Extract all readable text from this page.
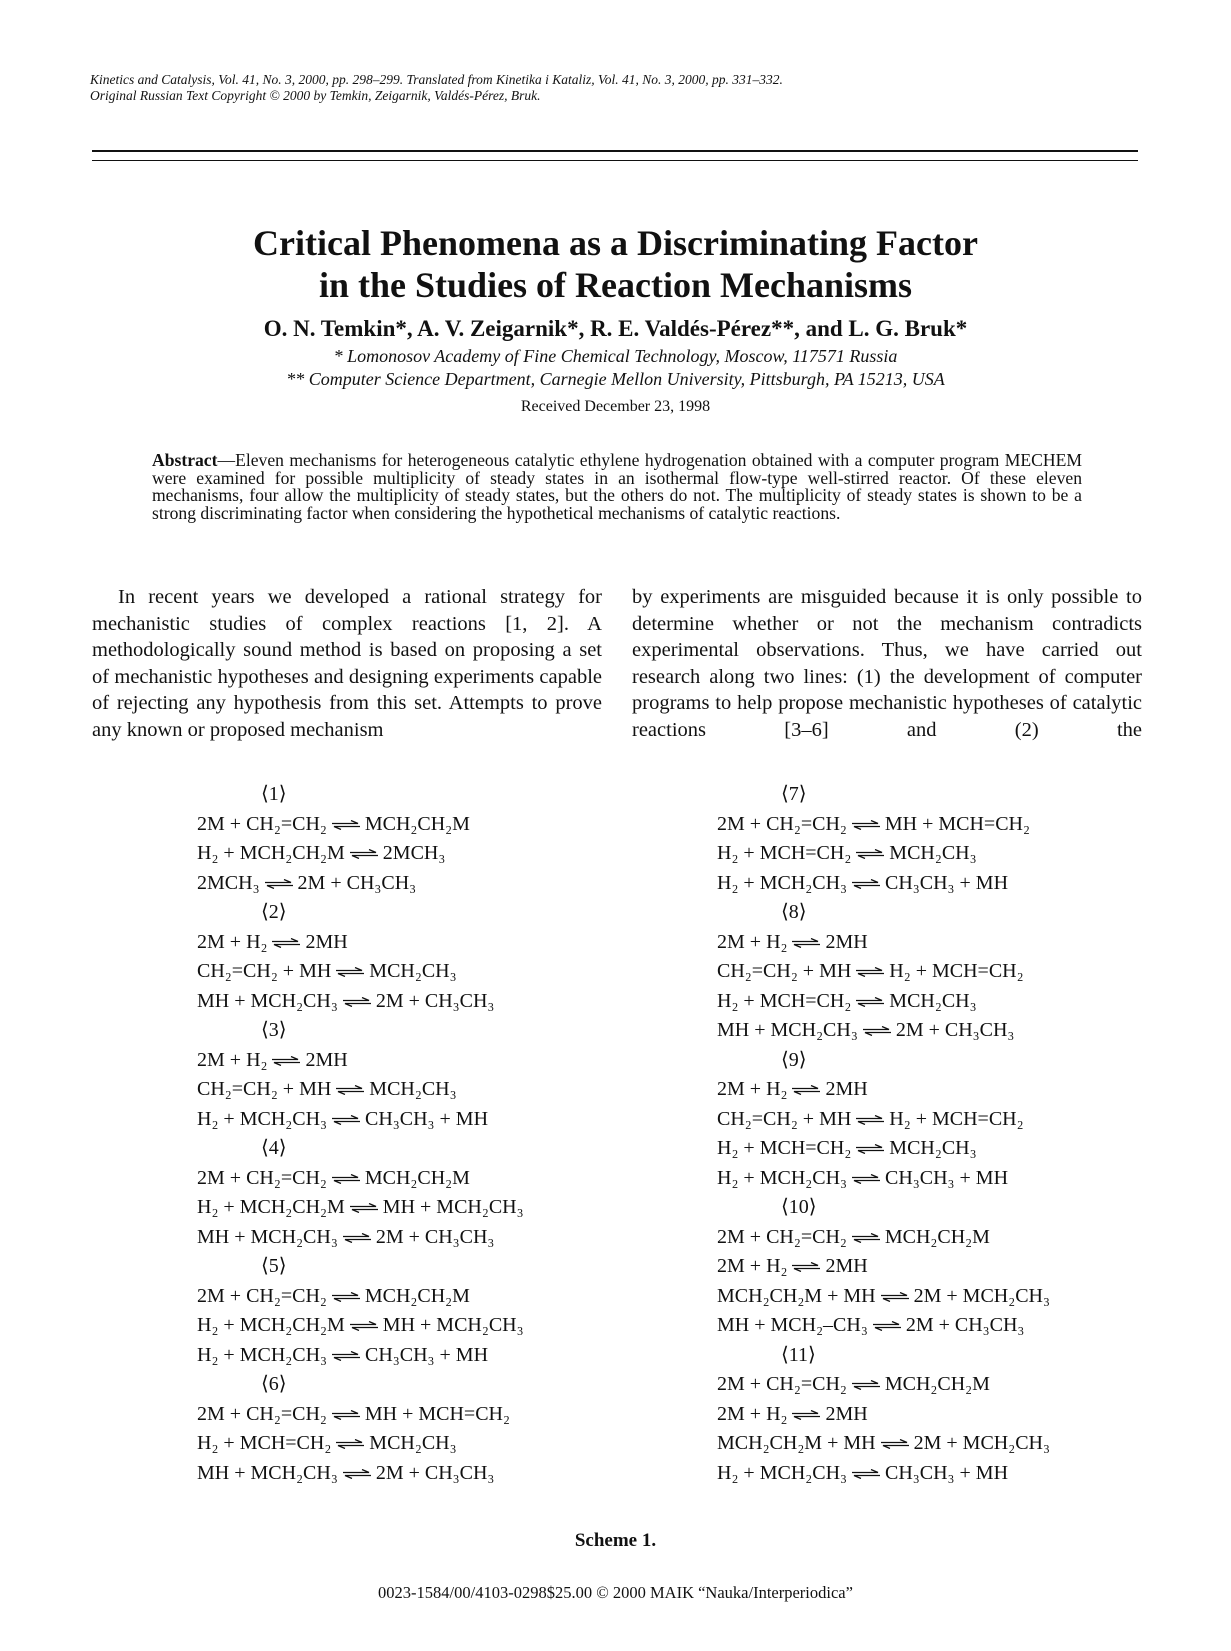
Kinetics and Catalysis, Vol. 41, No. 3, 2000, pp. 298–299. Translated from Kinetika i Kataliz, Vol. 41, No. 3, 2000, pp. 331–332.
Original Russian Text Copyright © 2000 by Temkin, Zeigarnik, Valdés-Pérez, Bruk.
Critical Phenomena as a Discriminating Factor
in the Studies of Reaction Mechanisms
O. N. Temkin*, A. V. Zeigarnik*, R. E. Valdés-Pérez**, and L. G. Bruk*
* Lomonosov Academy of Fine Chemical Technology, Moscow, 117571 Russia
** Computer Science Department, Carnegie Mellon University, Pittsburgh, PA 15213, USA
Received December 23, 1998
Abstract—Eleven mechanisms for heterogeneous catalytic ethylene hydrogenation obtained with a computer program MECHEM were examined for possible multiplicity of steady states in an isothermal flow-type well-stirred reactor. Of these eleven mechanisms, four allow the multiplicity of steady states, but the others do not. The multiplicity of steady states is shown to be a strong discriminating factor when considering the hypothetical mechanisms of catalytic reactions.

In recent years we developed a rational strategy for mechanistic studies of complex reactions [1, 2]. A methodologically sound method is based on proposing a set of mechanistic hypotheses and designing experiments capable of rejecting any hypothesis from this set. Attempts to prove any known or proposed mechanism

by experiments are misguided because it is only possible to determine whether or not the mechanism contradicts experimental observations. Thus, we have carried out research along two lines: (1) the development of computer programs to help propose mechanistic hypotheses of catalytic reactions [3–6] and (2) the

⟨1⟩
2M + CH₂=CH₂ ⇌ MCH₂CH₂M
H₂ + MCH₂CH₂M ⇌ 2MCH₃
2MCH₃ ⇌ 2M + CH₃CH₃
⟨2⟩
2M + H₂ ⇌ 2MH
CH₂=CH₂ + MH ⇌ MCH₂CH₃
MH + MCH₂CH₃ ⇌ 2M + CH₃CH₃
⟨3⟩
2M + H₂ ⇌ 2MH
CH₂=CH₂ + MH ⇌ MCH₂CH₃
H₂ + MCH₂CH₃ ⇌ CH₃CH₃ + MH
⟨4⟩
2M + CH₂=CH₂ ⇌ MCH₂CH₂M
H₂ + MCH₂CH₂M ⇌ MH + MCH₂CH₃
MH + MCH₂CH₃ ⇌ 2M + CH₃CH₃
⟨5⟩
2M + CH₂=CH₂ ⇌ MCH₂CH₂M
H₂ + MCH₂CH₂M ⇌ MH + MCH₂CH₃
H₂ + MCH₂CH₃ ⇌ CH₃CH₃ + MH
⟨6⟩
2M + CH₂=CH₂ ⇌ MH + MCH=CH₂
H₂ + MCH=CH₂ ⇌ MCH₂CH₃
MH + MCH₂CH₃ ⇌ 2M + CH₃CH₃
⟨7⟩
2M + CH₂=CH₂ ⇌ MH + MCH=CH₂
H₂ + MCH=CH₂ ⇌ MCH₂CH₃
H₂ + MCH₂CH₃ ⇌ CH₃CH₃ + MH
⟨8⟩
2M + H₂ ⇌ 2MH
CH₂=CH₂ + MH ⇌ H₂ + MCH=CH₂
H₂ + MCH=CH₂ ⇌ MCH₂CH₃
MH + MCH₂CH₃ ⇌ 2M + CH₃CH₃
⟨9⟩
2M + H₂ ⇌ 2MH
CH₂=CH₂ + MH ⇌ H₂ + MCH=CH₂
H₂ + MCH=CH₂ ⇌ MCH₂CH₃
H₂ + MCH₂CH₃ ⇌ CH₃CH₃ + MH
⟨10⟩
2M + CH₂=CH₂ ⇌ MCH₂CH₂M
2M + H₂ ⇌ 2MH
MCH₂CH₂M + MH ⇌ 2M + MCH₂CH₃
MH + MCH₂–CH₃ ⇌ 2M + CH₃CH₃
⟨11⟩
2M + CH₂=CH₂ ⇌ MCH₂CH₂M
2M + H₂ ⇌ 2MH
MCH₂CH₂M + MH ⇌ 2M + MCH₂CH₃
H₂ + MCH₂CH₃ ⇌ CH₃CH₃ + MH
Scheme 1.
0023-1584/00/4103-0298$25.00 © 2000 MAIK “Nauka/Interperiodica”
